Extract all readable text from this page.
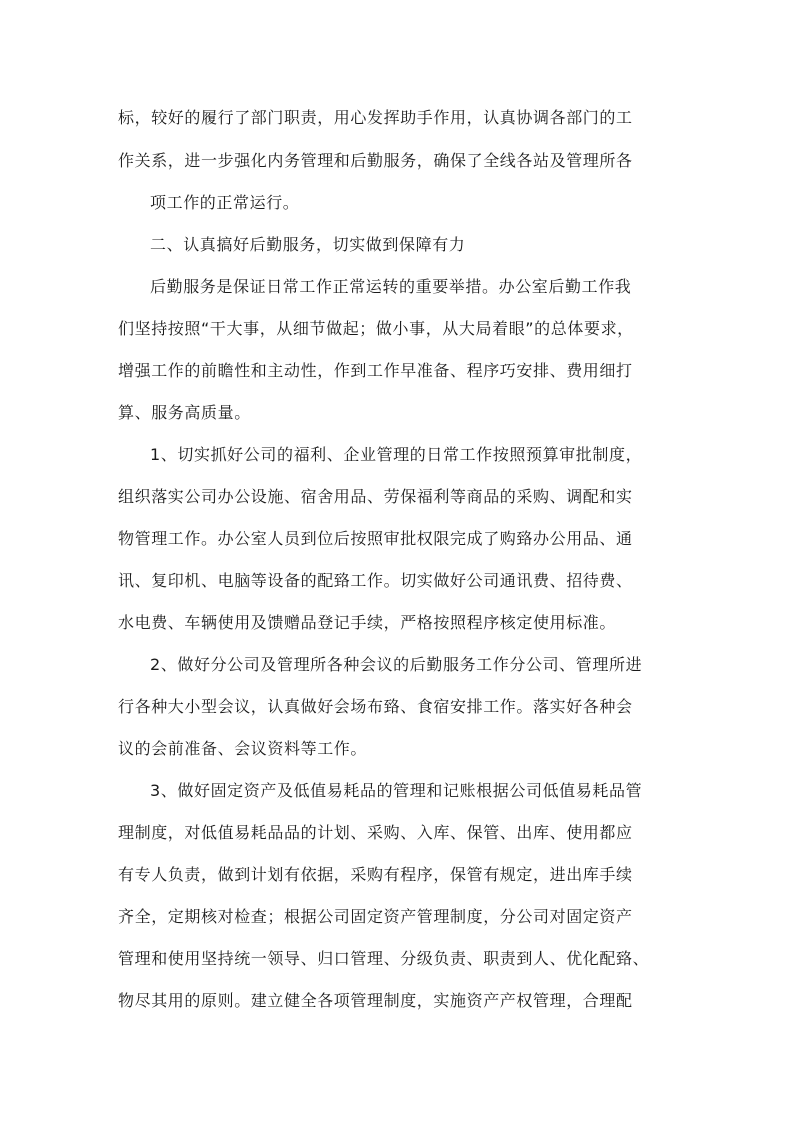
标，较好的履行了部门职责，用心发挥助手作用，认真协调各部门的工

作关系，进一步强化内务管理和后勤服务，确保了全线各站及管理所各

项工作的正常运行。

二、认真搞好后勤服务，切实做到保障有力

后勤服务是保证日常工作正常运转的重要举措。办公室后勤工作我

们坚持按照“干大事，从细节做起；做小事，从大局着眼”的总体要求，

增强工作的前瞻性和主动性，作到工作早准备、程序巧安排、费用细打

算、服务高质量。

1、切实抓好公司的福利、企业管理的日常工作按照预算审批制度，

组织落实公司办公设施、宿舍用品、劳保福利等商品的采购、调配和实

物管理工作。办公室人员到位后按照审批权限完成了购臵办公用品、通

讯、复印机、电脑等设备的配臵工作。切实做好公司通讯费、招待费、

水电费、车辆使用及馈赠品登记手续，严格按照程序核定使用标准。

2、做好分公司及管理所各种会议的后勤服务工作分公司、管理所进

行各种大小型会议，认真做好会场布臵、食宿安排工作。落实好各种会

议的会前准备、会议资料等工作。

3、做好固定资产及低值易耗品的管理和记账根据公司低值易耗品管

理制度，对低值易耗品品的计划、采购、入库、保管、出库、使用都应

有专人负责，做到计划有依据，采购有程序，保管有规定，进出库手续

齐全，定期核对检查；根据公司固定资产管理制度，分公司对固定资产

管理和使用坚持统一领导、归口管理、分级负责、职责到人、优化配臵、

物尽其用的原则。建立健全各项管理制度，实施资产产权管理，合理配
